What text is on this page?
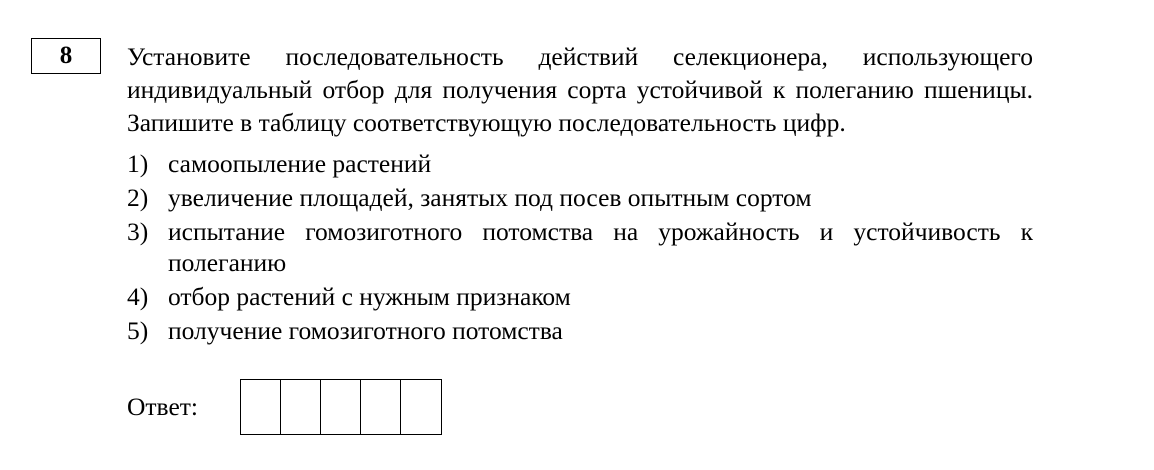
8 Установите последовательность действий селекционера, использующего индивидуальный отбор для получения сорта устойчивой к полеганию пшеницы. Запишите в таблицу соответствующую последовательность цифр.

1) самоопыление растений
2) увеличение площадей, занятых под посев опытным сортом
3) испытание гомозиготного потомства на урожайность и устойчивость к полеганию
4) отбор растений с нужным признаком
5) получение гомозиготного потомства
Ответ:
